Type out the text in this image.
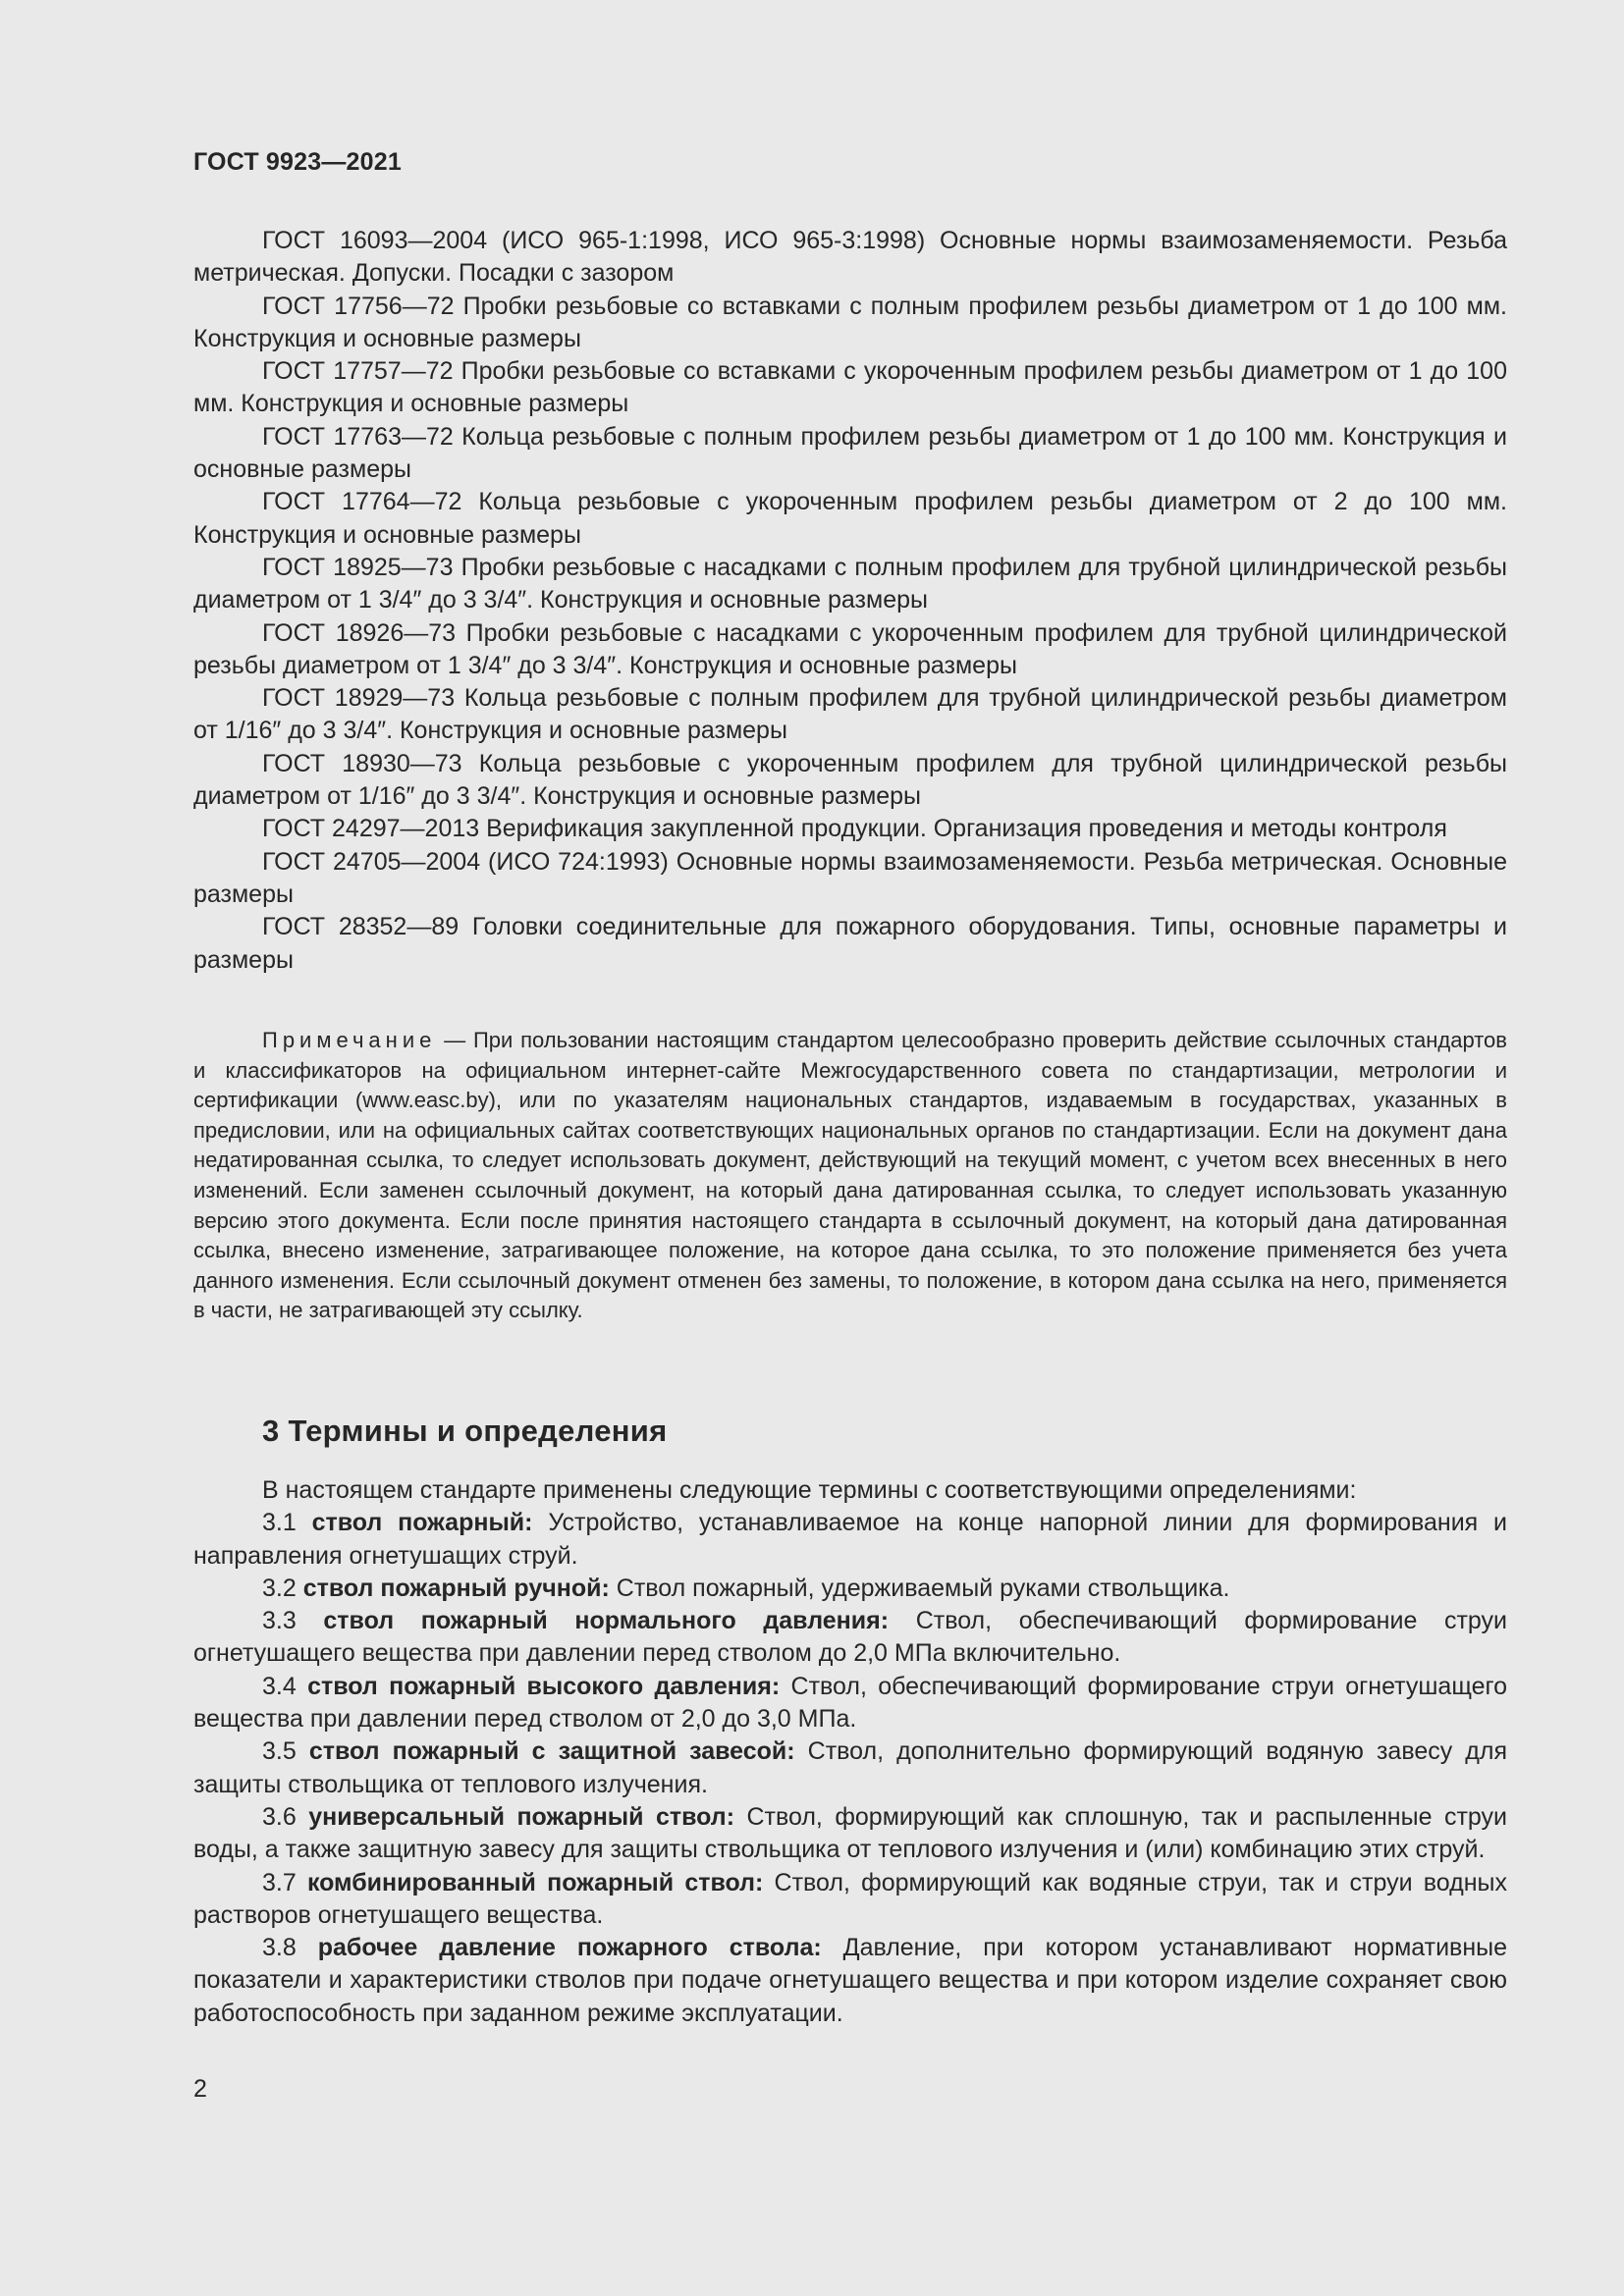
ГОСТ 9923—2021

ГОСТ 16093—2004 (ИСО 965-1:1998, ИСО 965-3:1998) Основные нормы взаимозаменяемости. Резьба метрическая. Допуски. Посадки с зазором

ГОСТ 17756—72 Пробки резьбовые со вставками с полным профилем резьбы диаметром от 1 до 100 мм. Конструкция и основные размеры

ГОСТ 17757—72 Пробки резьбовые со вставками с укороченным профилем резьбы диаметром от 1 до 100 мм. Конструкция и основные размеры

ГОСТ 17763—72 Кольца резьбовые с полным профилем резьбы диаметром от 1 до 100 мм. Конструкция и основные размеры

ГОСТ 17764—72 Кольца резьбовые с укороченным профилем резьбы диаметром от 2 до 100 мм. Конструкция и основные размеры

ГОСТ 18925—73 Пробки резьбовые с насадками с полным профилем для трубной цилиндрической резьбы диаметром от 1 3/4″ до 3 3/4″. Конструкция и основные размеры

ГОСТ 18926—73 Пробки резьбовые с насадками с укороченным профилем для трубной цилиндрической резьбы диаметром от 1 3/4″ до 3 3/4″. Конструкция и основные размеры

ГОСТ 18929—73 Кольца резьбовые с полным профилем для трубной цилиндрической резьбы диаметром от 1/16″ до 3 3/4″. Конструкция и основные размеры

ГОСТ 18930—73 Кольца резьбовые с укороченным профилем для трубной цилиндрической резьбы диаметром от 1/16″ до 3 3/4″. Конструкция и основные размеры

ГОСТ 24297—2013 Верификация закупленной продукции. Организация проведения и методы контроля

ГОСТ 24705—2004 (ИСО 724:1993) Основные нормы взаимозаменяемости. Резьба метрическая. Основные размеры

ГОСТ 28352—89 Головки соединительные для пожарного оборудования. Типы, основные параметры и размеры

Примечание — При пользовании настоящим стандартом целесообразно проверить действие ссылочных стандартов и классификаторов на официальном интернет-сайте Межгосударственного совета по стандартизации, метрологии и сертификации (www.easc.by), или по указателям национальных стандартов, издаваемым в государствах, указанных в предисловии, или на официальных сайтах соответствующих национальных органов по стандартизации. Если на документ дана недатированная ссылка, то следует использовать документ, действующий на текущий момент, с учетом всех внесенных в него изменений. Если заменен ссылочный документ, на который дана датированная ссылка, то следует использовать указанную версию этого документа. Если после принятия настоящего стандарта в ссылочный документ, на который дана датированная ссылка, внесено изменение, затрагивающее положение, на которое дана ссылка, то это положение применяется без учета данного изменения. Если ссылочный документ отменен без замены, то положение, в котором дана ссылка на него, применяется в части, не затрагивающей эту ссылку.
3 Термины и определения

В настоящем стандарте применены следующие термины с соответствующими определениями:

3.1 ствол пожарный: Устройство, устанавливаемое на конце напорной линии для формирования и направления огнетушащих струй.

3.2 ствол пожарный ручной: Ствол пожарный, удерживаемый руками ствольщика.

3.3 ствол пожарный нормального давления: Ствол, обеспечивающий формирование струи огнетушащего вещества при давлении перед стволом до 2,0 МПа включительно.

3.4 ствол пожарный высокого давления: Ствол, обеспечивающий формирование струи огнетушащего вещества при давлении перед стволом от 2,0 до 3,0 МПа.

3.5 ствол пожарный с защитной завесой: Ствол, дополнительно формирующий водяную завесу для защиты ствольщика от теплового излучения.

3.6 универсальный пожарный ствол: Ствол, формирующий как сплошную, так и распыленные струи воды, а также защитную завесу для защиты ствольщика от теплового излучения и (или) комбинацию этих струй.

3.7 комбинированный пожарный ствол: Ствол, формирующий как водяные струи, так и струи водных растворов огнетушащего вещества.

3.8 рабочее давление пожарного ствола: Давление, при котором устанавливают нормативные показатели и характеристики стволов при подаче огнетушащего вещества и при котором изделие сохраняет свою работоспособность при заданном режиме эксплуатации.

2
